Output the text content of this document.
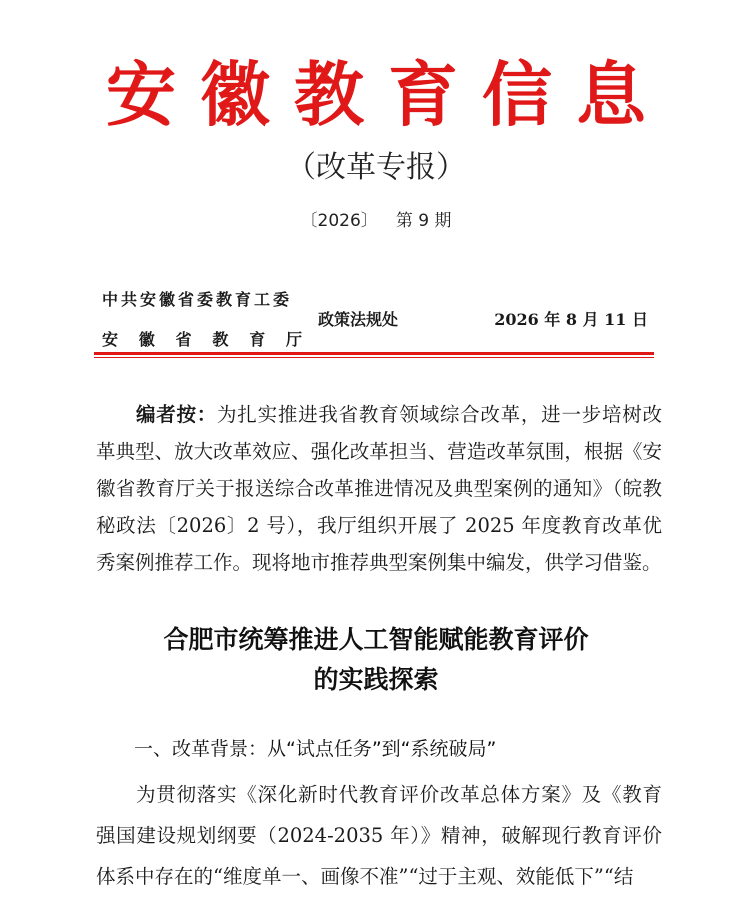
安徽教育信息
（改革专报）
〔2026〕 第 9 期
中共安徽省委教育工委
安 徽 省 教 育 厅
政策法规处	2026 年 8 月 11 日
编者按：为扎实推进我省教育领域综合改革，进一步培树改革典型、放大改革效应、强化改革担当、营造改革氛围，根据《安徽省教育厅关于报送综合改革推进情况及典型案例的通知》（皖教秘政法〔2026〕2 号），我厅组织开展了 2025 年度教育改革优秀案例推荐工作。现将地市推荐典型案例集中编发，供学习借鉴。
合肥市统筹推进人工智能赋能教育评价
的实践探索
一、改革背景：从“试点任务”到“系统破局”
为贯彻落实《深化新时代教育评价改革总体方案》及《教育强国建设规划纲要（2024-2035 年）》精神，破解现行教育评价体系中存在的“维度单一、画像不准”“过于主观、效能低下”“结
